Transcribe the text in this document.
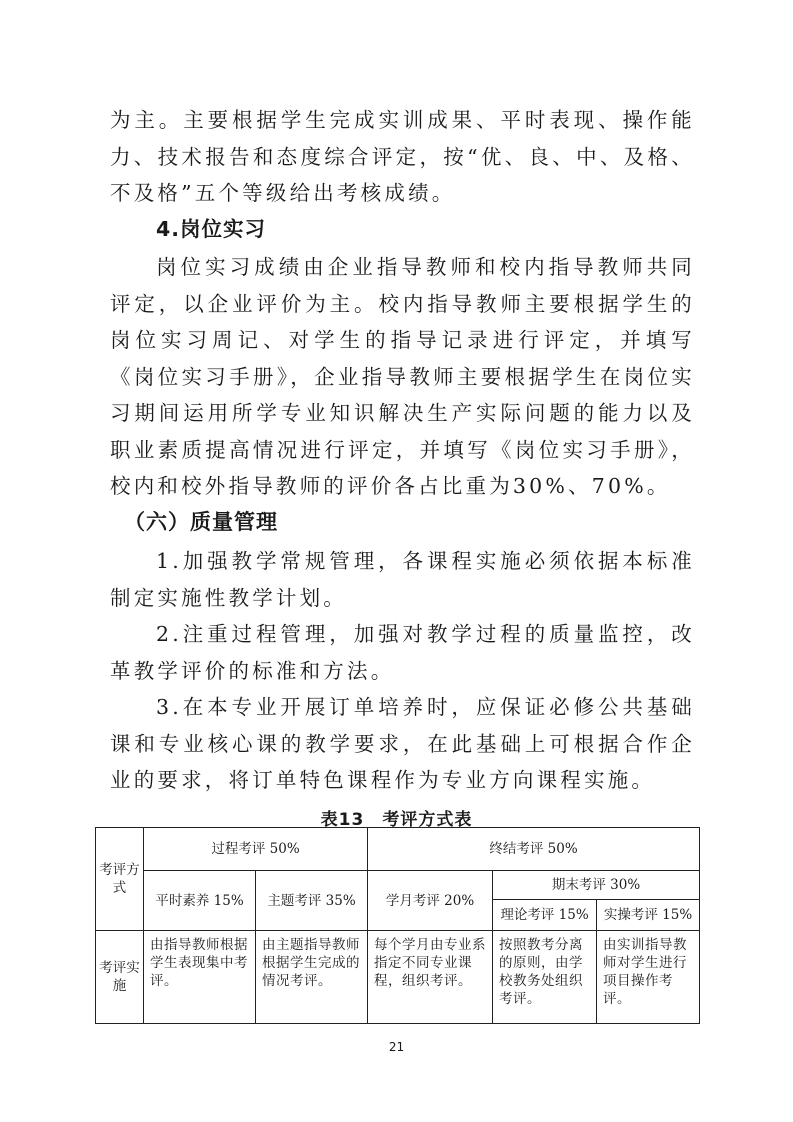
为主。主要根据学生完成实训成果、平时表现、操作能力、技术报告和态度综合评定，按“优、良、中、及格、不及格”五个等级给出考核成绩。

4.岗位实习

岗位实习成绩由企业指导教师和校内指导教师共同评定，以企业评价为主。校内指导教师主要根据学生的岗位实习周记、对学生的指导记录进行评定，并填写《岗位实习手册》，企业指导教师主要根据学生在岗位实习期间运用所学专业知识解决生产实际问题的能力以及职业素质提高情况进行评定，并填写《岗位实习手册》，校内和校外指导教师的评价各占比重为30%、70%。

（六）质量管理

1.加强教学常规管理，各课程实施必须依据本标准制定实施性教学计划。

2.注重过程管理，加强对教学过程的质量监控，改革教学评价的标准和方法。

3.在本专业开展订单培养时，应保证必修公共基础课和专业核心课的教学要求，在此基础上可根据合作企业的要求，将订单特色课程作为专业方向课程实施。

表13　考评方式表

考评方式	过程考评 50%		终结考评 50%		
	平时素养 15%	主题考评 35%	学月考评 20%	期末考评 30%	
				理论考评 15%	实操考评 15%
考评实施	由指导教师根据学生表现集中考评。	由主题指导教师根据学生完成的情况考评。	每个学月由专业系指定不同专业课程，组织考评。	按照教考分离的原则，由学校教务处组织考评。	由实训指导教师对学生进行项目操作考评。

21
